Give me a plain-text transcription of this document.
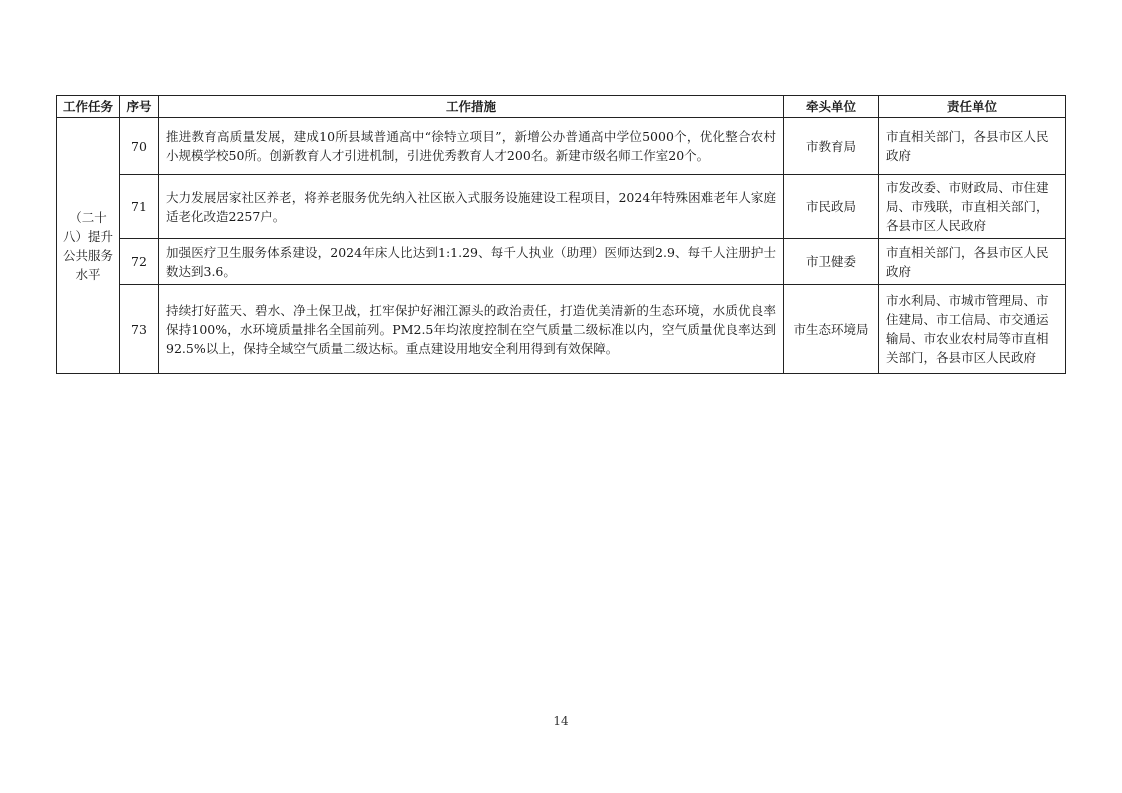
工作任务	序号	工作措施	牵头单位	责任单位
（二十八）提升公共服务水平	70	推进教育高质量发展，建成10所县域普通高中“徐特立项目”，新增公办普通高中学位5000个，优化整合农村小规模学校50所。创新教育人才引进机制，引进优秀教育人才200名。新建市级名师工作室20个。	市教育局	市直相关部门，各县市区人民政府
	71	大力发展居家社区养老，将养老服务优先纳入社区嵌入式服务设施建设工程项目，2024年特殊困难老年人家庭适老化改造2257户。	市民政局	市发改委、市财政局、市住建局、市残联，市直相关部门，各县市区人民政府
	72	加强医疗卫生服务体系建设，2024年床人比达到1:1.29、每千人执业（助理）医师达到2.9、每千人注册护士数达到3.6。	市卫健委	市直相关部门，各县市区人民政府
	73	持续打好蓝天、碧水、净土保卫战，扛牢保护好湘江源头的政治责任，打造优美清新的生态环境，水质优良率保持100%，水环境质量排名全国前列。PM2.5年均浓度控制在空气质量二级标准以内，空气质量优良率达到92.5%以上，保持全域空气质量二级达标。重点建设用地安全利用得到有效保障。	市生态环境局	市水利局、市城市管理局、市住建局、市工信局、市交通运输局、市农业农村局等市直相关部门，各县市区人民政府
14
